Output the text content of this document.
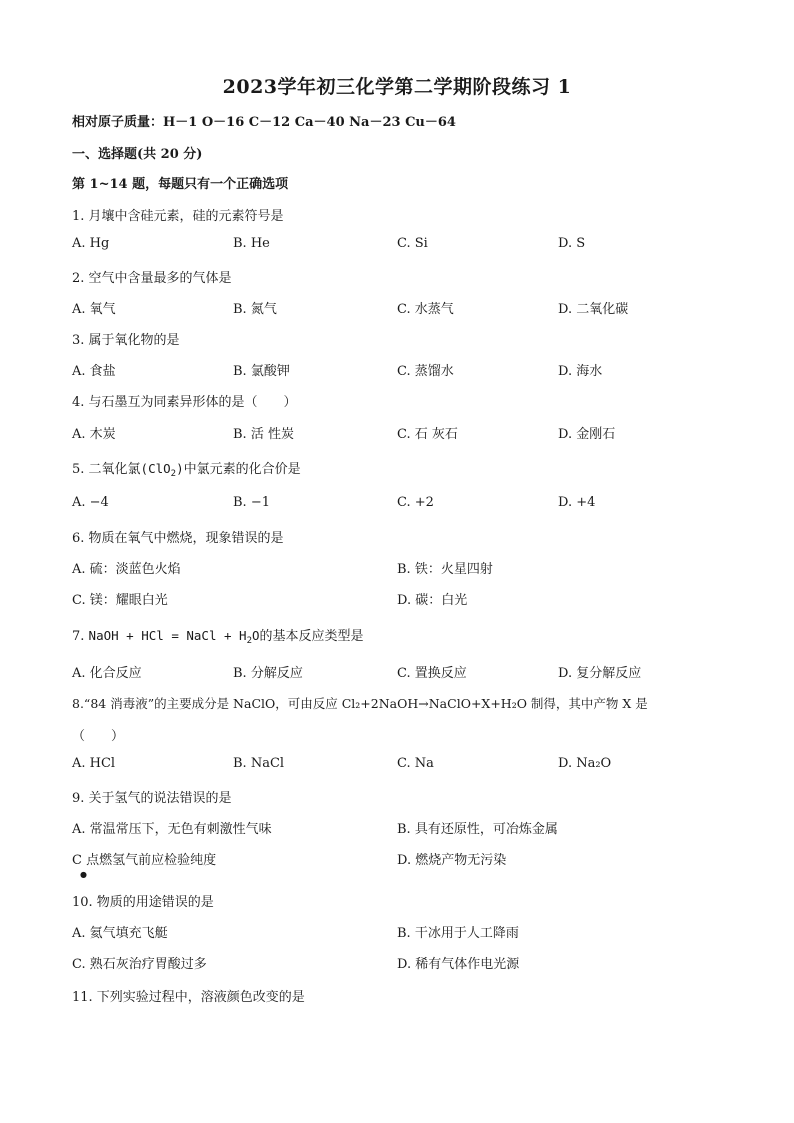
2023学年初三化学第二学期阶段练习 1
相对原子质量：H－1 O－16 C－12 Ca－40 Na－23 Cu－64
一、选择题(共 20 分)
第 1~14 题，每题只有一个正确选项
1. 月壤中含硅元素，硅的元素符号是
A. Hg	B. He	C. Si	D. S
2. 空气中含量最多的气体是
A. 氧气	B. 氮气	C. 水蒸气	D. 二氧化碳
3. 属于氧化物的是
A. 食盐	B. 氯酸钾	C. 蒸馏水	D. 海水
4. 与石墨互为同素异形体的是（　　）
A. 木炭	B. 活 性炭	C. 石 灰石	D. 金刚石
5. 二氧化氯(ClO$_2$)中氯元素的化合价是
A. −4	B. −1	C. +2	D. +4
6. 物质在氧气中燃烧，现象错误的是
A. 硫：淡蓝色火焰	B. 铁：火星四射
C. 镁：耀眼白光	D. 碳：白光
7. NaOH + HCl = NaCl + $H_2O$的基本反应类型是
A. 化合反应	B. 分解反应	C. 置换反应	D. 复分解反应
8.“84 消毒液”的主要成分是 NaClO，可由反应 Cl₂+2NaOH→NaClO+X+H₂O 制得，其中产物 X 是
（　　）
A. HCl	B. NaCl	C. Na	D. Na₂O
9. 关于氢气的说法错误的是
A. 常温常压下，无色有刺激性气味	B. 具有还原性，可冶炼金属
C 点燃氢气前应检验纯度	D. 燃烧产物无污染
●
10. 物质的用途错误的是
A. 氦气填充飞艇	B. 干冰用于人工降雨
C. 熟石灰治疗胃酸过多	D. 稀有气体作电光源
11. 下列实验过程中，溶液颜色改变的是
